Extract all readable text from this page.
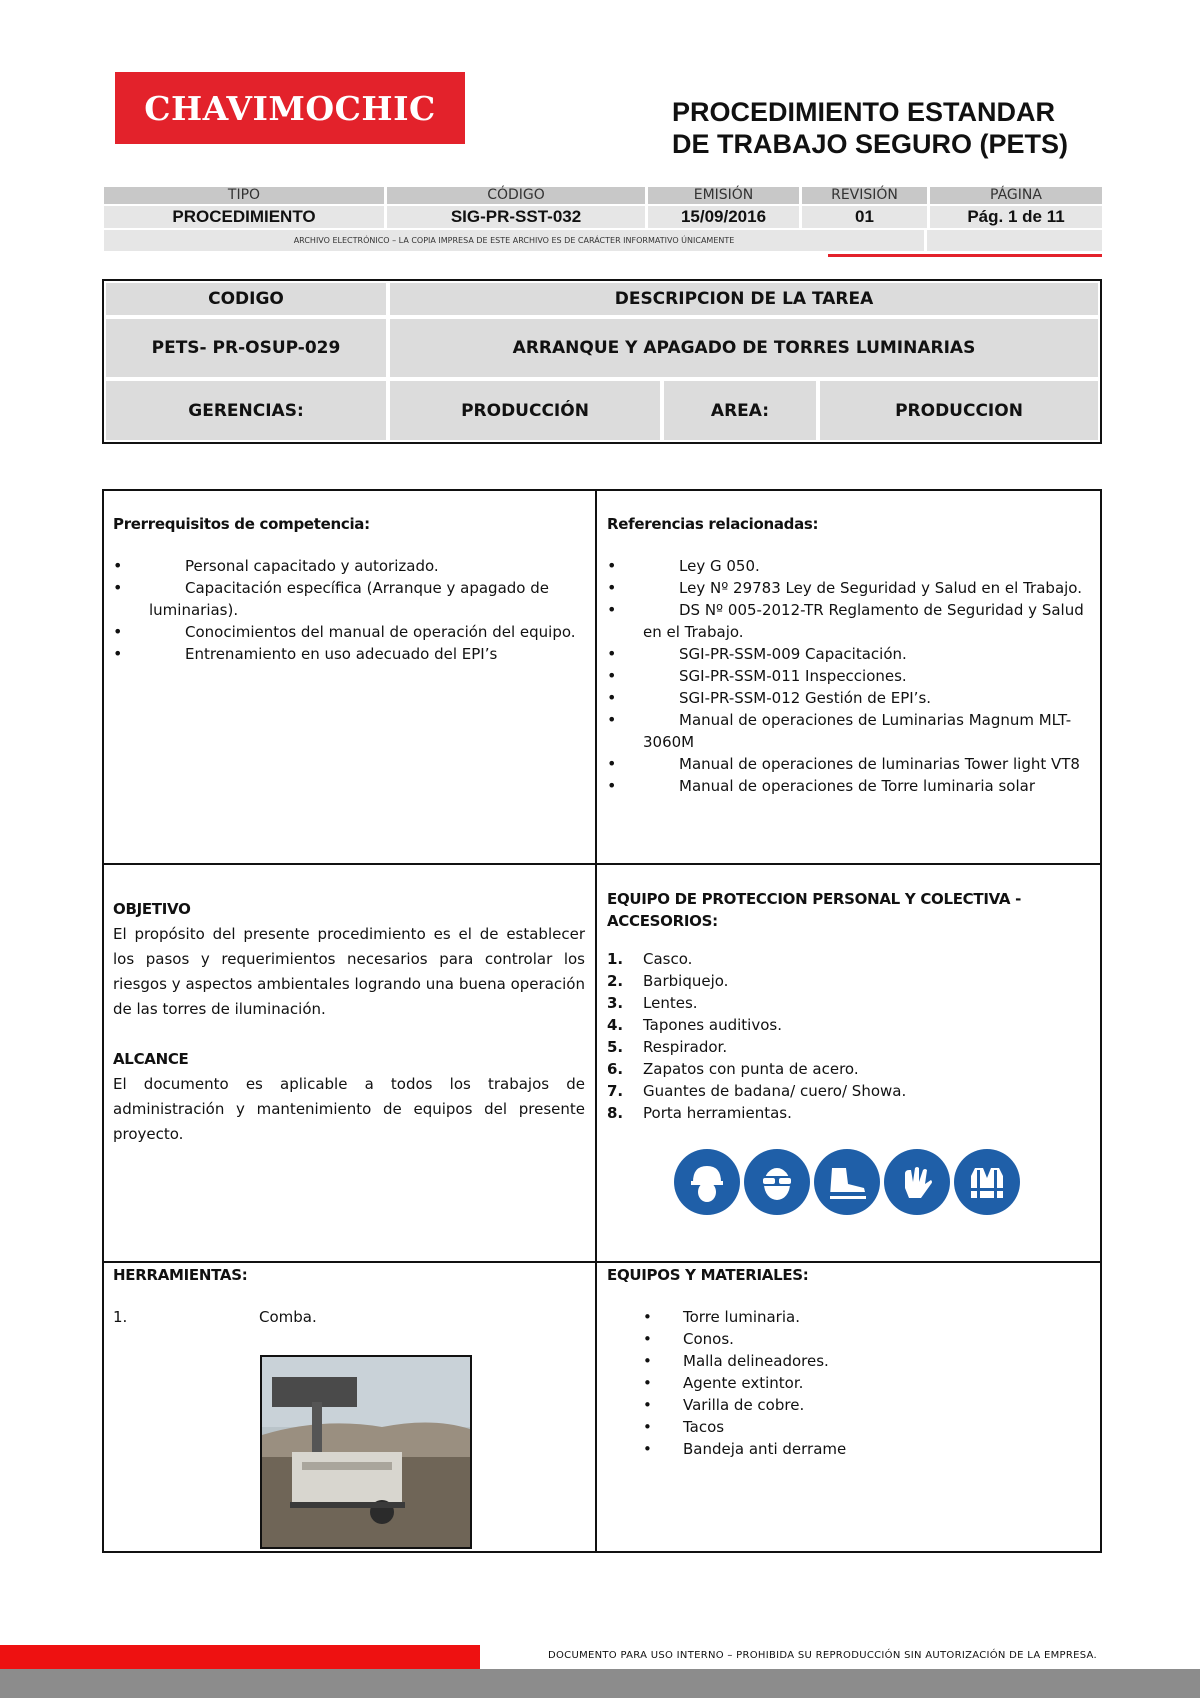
CHAVIMOCHIC	PROCEDIMIENTO ESTANDAR
DE TRABAJO SEGURO (PETS)
TIPO	CÓDIGO	EMISIÓN	REVISIÓN	PÁGINA
PROCEDIMIENTO	SIG-PR-SST-032	15/09/2016	01	Pág. 1 de 11
ARCHIVO ELECTRÓNICO – LA COPIA IMPRESA DE ESTE ARCHIVO ES DE CARÁCTER INFORMATIVO ÚNICAMENTE
CODIGO	DESCRIPCION DE LA TAREA
PETS- PR-OSUP-029	ARRANQUE Y APAGADO DE TORRES LUMINARIAS
GERENCIAS:	PRODUCCIÓN	AREA:	PRODUCCION
Prerrequisitos de competencia:
• Personal capacitado y autorizado.
• Capacitación específica (Arranque y apagado de luminarias).
• Conocimientos del manual de operación del equipo.
• Entrenamiento en uso adecuado del EPI’s
Referencias relacionadas:
• Ley G 050.
• Ley Nº 29783 Ley de Seguridad y Salud en el Trabajo.
• DS Nº 005-2012-TR Reglamento de Seguridad y Salud en el Trabajo.
• SGI-PR-SSM-009 Capacitación.
• SGI-PR-SSM-011 Inspecciones.
• SGI-PR-SSM-012 Gestión de EPI’s.
• Manual de operaciones de Luminarias Magnum MLT-3060M
• Manual de operaciones de luminarias Tower light VT8
• Manual de operaciones de Torre luminaria solar
OBJETIVO
El propósito del presente procedimiento es el de establecer los pasos y requerimientos necesarios para controlar los riesgos y aspectos ambientales logrando una buena operación de las torres de iluminación.
ALCANCE
El documento es aplicable a todos los trabajos de administración y mantenimiento de equipos del presente proyecto.
EQUIPO DE PROTECCION PERSONAL Y COLECTIVA - ACCESORIOS:
1.	Casco.
2.	Barbiquejo.
3.	Lentes.
4.	Tapones auditivos.
5.	Respirador.
6.	Zapatos con punta de acero.
7.	Guantes de badana/ cuero/ Showa.
8.	Porta herramientas.
HERRAMIENTAS:
1.	Comba.
EQUIPOS Y MATERIALES:
• Torre luminaria.
• Conos.
• Malla delineadores.
• Agente extintor.
• Varilla de cobre.
• Tacos
• Bandeja anti derrame
DOCUMENTO PARA USO INTERNO – PROHIBIDA SU REPRODUCCIÓN SIN AUTORIZACIÓN DE LA EMPRESA.
